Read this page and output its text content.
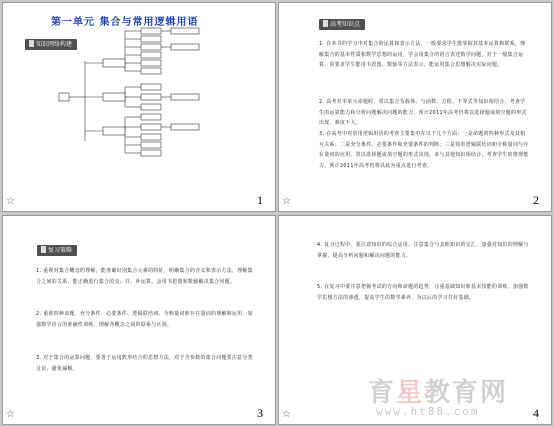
第一单元 集合与常用逻辑用语
知识网络构建
☆	1
高考知识点
1. 在本书的学习中对集合的运算和表示方法，一般要求学生能掌握其基本运算和联系，理解集合的基本性质和数学思想的运用，学会用集合的语言表述数学问题，对于一般集合运算，常要求学生能用韦恩图、数轴等方法表示，能运用集合思想解决实际问题。
2. 高考对本单元命题时，常以集合为载体，与函数、方程、不等式等知识相结合，考查学生的运算能力和分析问题解决问题的能力，预计2011年高考仍将以选择题或填空题的形式出现，难度不大。
3. 在高考中对常用逻辑用语的考查主要集中在以下几个方面：一是命题的四种形式及其相互关系；二是充分条件、必要条件和充要条件的判断；三是简单逻辑联结词和全称量词与存在量词的应用，常以选择题或填空题的形式出现，多与其他知识相结合，考查学生的推理能力，预计2011年高考仍将以此为重点进行考查。
☆	2
复习策略
1. 重视对集合概念的理解，能准确识别集合元素的特征，明确集合的含义和表示方法，理解集合之间的关系，能正确进行集合的交、并、补运算，会用韦恩图和数轴解决集合问题。
2. 重视四种命题、充分条件、必要条件、逻辑联结词、全称量词和存在量词的理解和运用，加强数学语言的准确性训练，理解各概念之间的联系与区别。
3. 对于集合的运算问题，要善于运用数形结合的思想方法，对于含参数的集合问题要注意分类讨论，避免漏解。
☆	3
4. 复习过程中，要注意知识的综合运用，注意集合与其他知识的交汇，加强对知识的理解与掌握，提高分析问题和解决问题的能力。
5. 在复习中要注意把握考试的方向和命题的趋势，注重基础知识和基本技能的训练，加强数学思想方法的渗透，提高学生的数学素养，为以后的学习打好基础。
☆	4
育星教育网
www.ht88.com
